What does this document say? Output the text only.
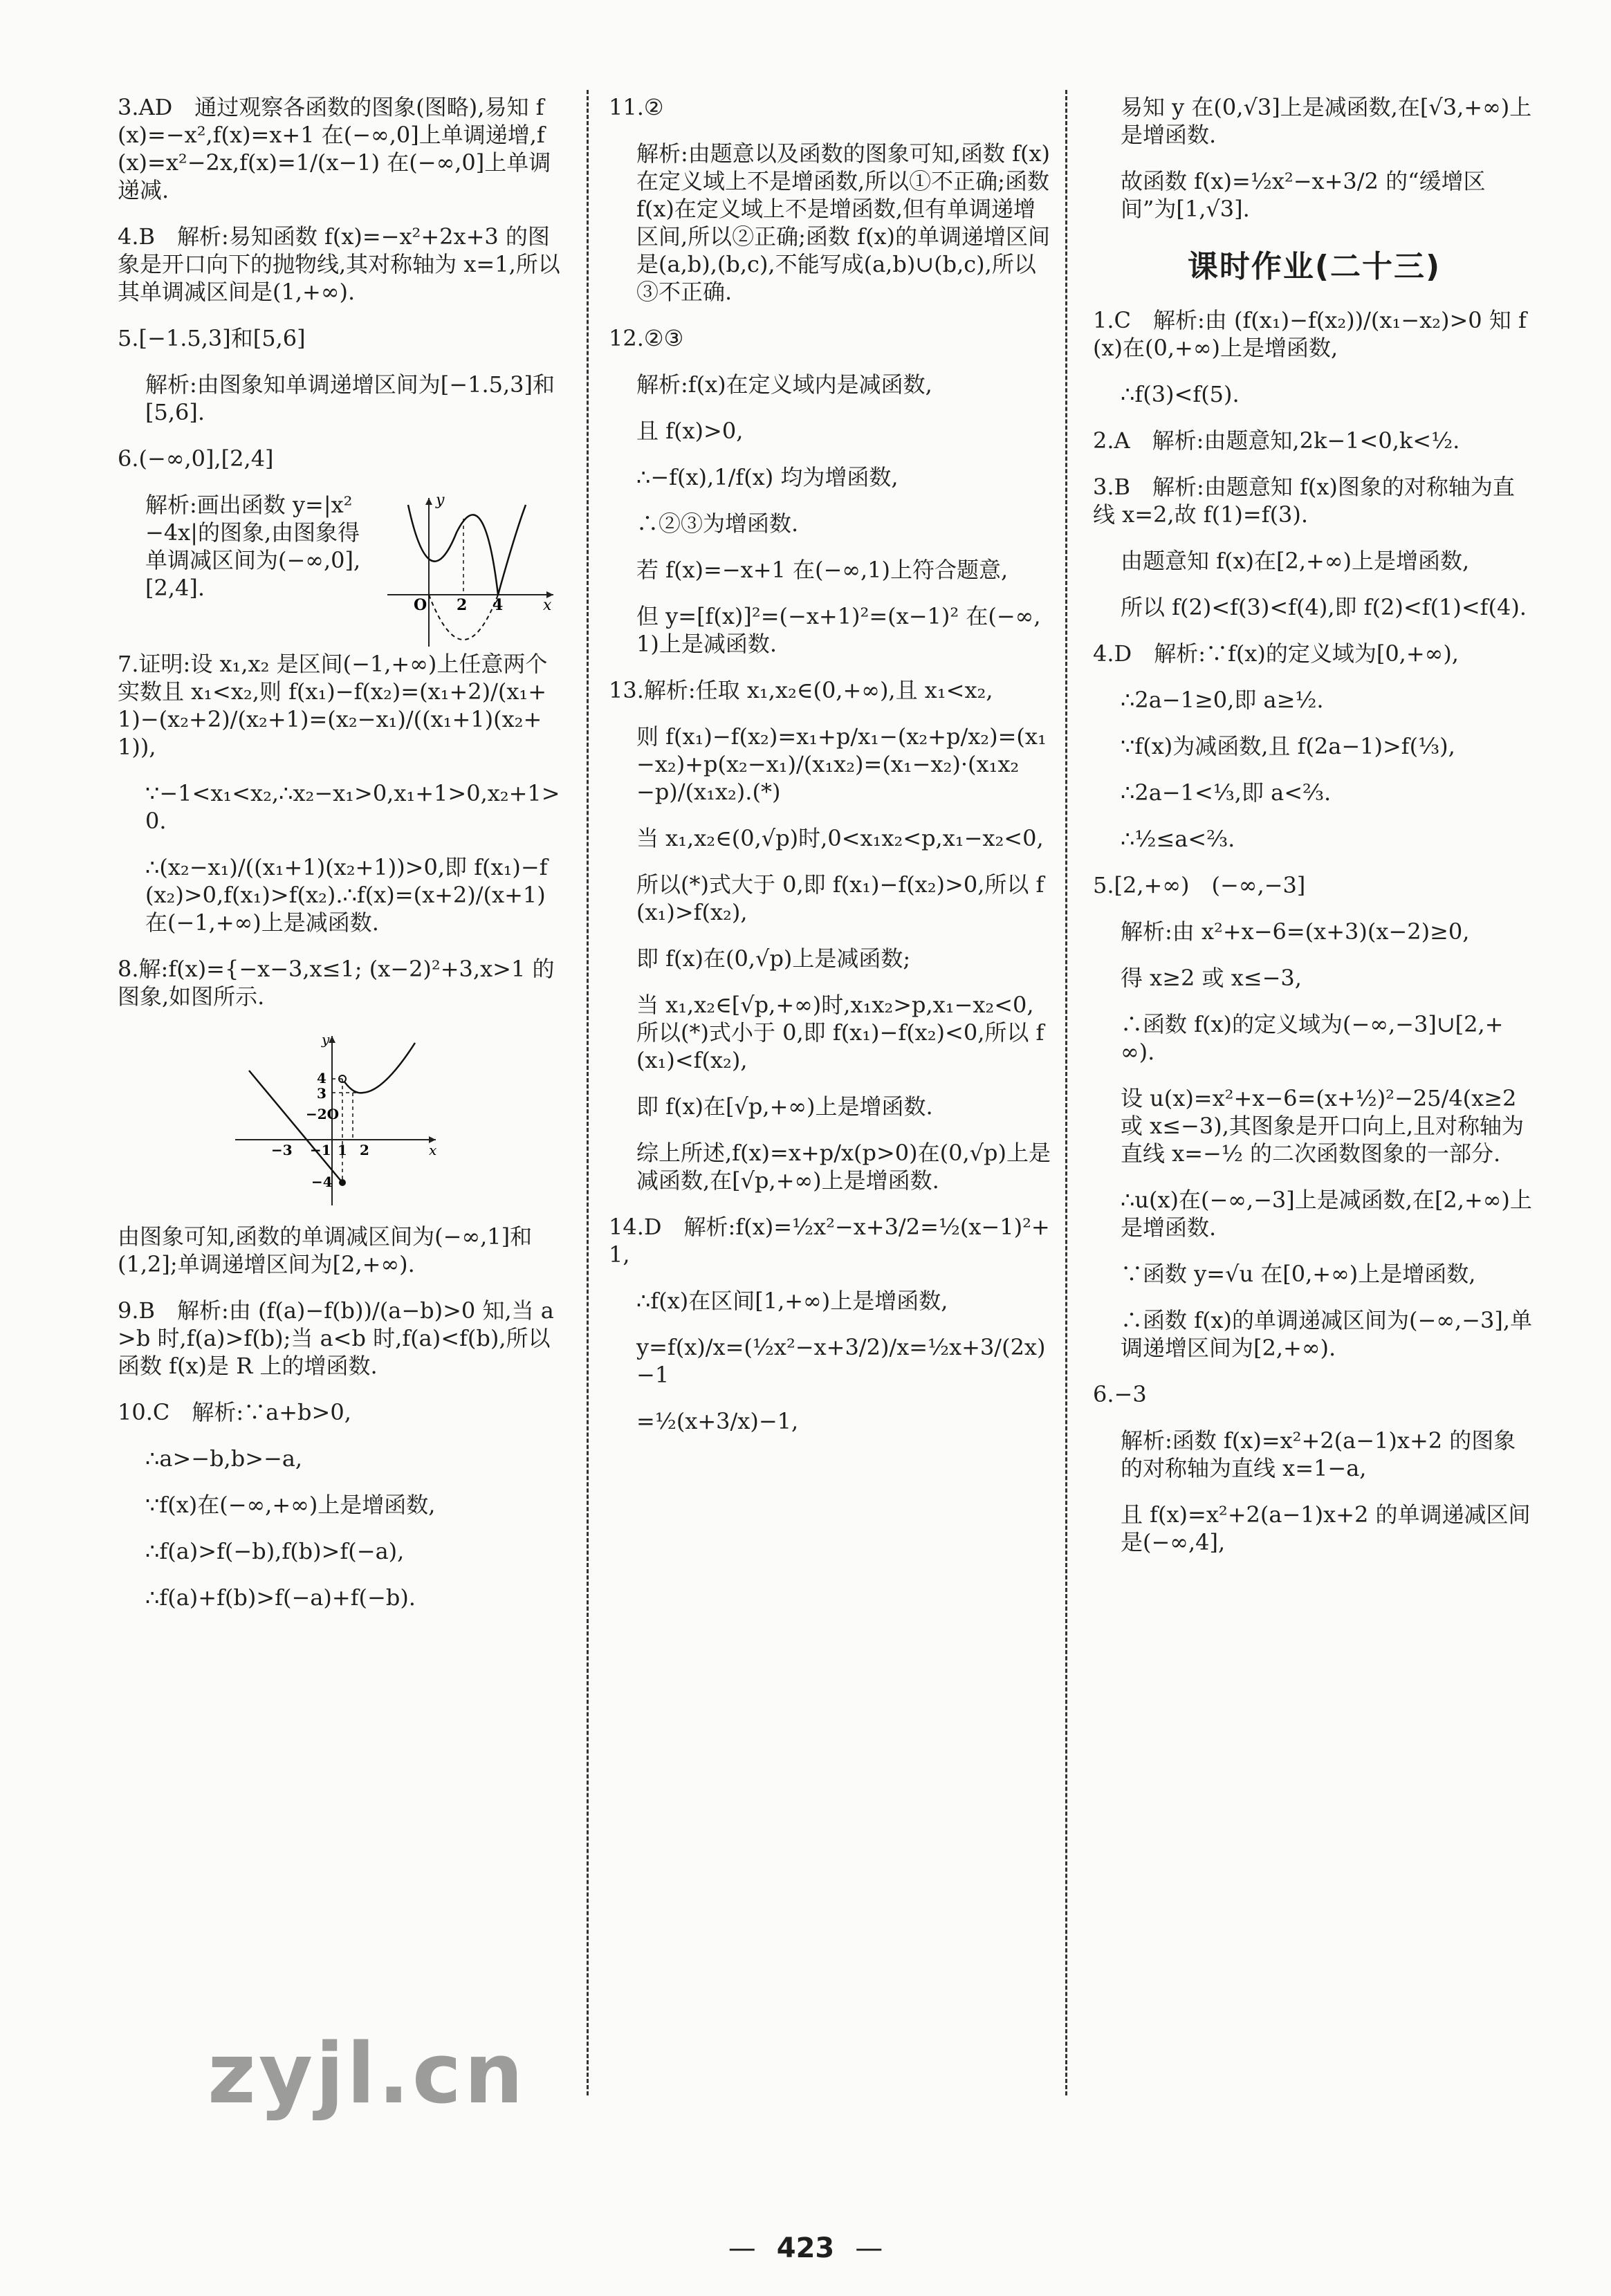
3.AD　通过观察各函数的图象(图略),易知 f(x)=−x²,f(x)=x+1 在(−∞,0]上单调递增,f(x)=x²−2x,f(x)=1/(x−1) 在(−∞,0]上单调递减.
4.B　解析:易知函数 f(x)=−x²+2x+3 的图象是开口向下的抛物线,其对称轴为 x=1,所以其单调减区间是(1,+∞).
5.[−1.5,3]和[5,6]
解析:由图象知单调递增区间为[−1.5,3]和[5,6].
6.(−∞,0],[2,4]
解析:画出函数 y=|x²−4x|的图象,由图象得单调减区间为(−∞,0],[2,4].
y
O 2 4	x
7.证明:设 x₁,x₂ 是区间(−1,+∞)上任意两个实数且 x₁<x₂,则 f(x₁)−f(x₂)=(x₁+2)/(x₁+1)−(x₂+2)/(x₂+1)=(x₂−x₁)/((x₁+1)(x₂+1)),
∵−1<x₁<x₂,∴x₂−x₁>0,x₁+1>0,x₂+1>0.
∴(x₂−x₁)/((x₁+1)(x₂+1))>0,即 f(x₁)−f(x₂)>0,f(x₁)>f(x₂).∴f(x)=(x+2)/(x+1) 在(−1,+∞)上是减函数.
8.解:f(x)={−x−3,x≤1; (x−2)²+3,x>1 的图象,如图所示.
y
4
3
−2O
−3 −1 1 2	x
−4
由图象可知,函数的单调减区间为(−∞,1]和(1,2];单调递增区间为[2,+∞).
9.B　解析:由 (f(a)−f(b))/(a−b)>0 知,当 a>b 时,f(a)>f(b);当 a<b 时,f(a)<f(b),所以函数 f(x)是 R 上的增函数.
10.C　解析:∵a+b>0,
∴a>−b,b>−a,
∵f(x)在(−∞,+∞)上是增函数,
∴f(a)>f(−b),f(b)>f(−a),
∴f(a)+f(b)>f(−a)+f(−b).
11.②
解析:由题意以及函数的图象可知,函数 f(x)在定义域上不是增函数,所以①不正确;函数 f(x)在定义域上不是增函数,但有单调递增区间,所以②正确;函数 f(x)的单调递增区间是(a,b),(b,c),不能写成(a,b)∪(b,c),所以③不正确.
12.②③
解析:f(x)在定义域内是减函数,
且 f(x)>0,
∴−f(x),1/f(x) 均为增函数,
∴②③为增函数.
若 f(x)=−x+1 在(−∞,1)上符合题意,
但 y=[f(x)]²=(−x+1)²=(x−1)² 在(−∞,1)上是减函数.
13.解析:任取 x₁,x₂∈(0,+∞),且 x₁<x₂,
则 f(x₁)−f(x₂)=x₁+p/x₁−(x₂+p/x₂)=(x₁−x₂)+p(x₂−x₁)/(x₁x₂)=(x₁−x₂)·(x₁x₂−p)/(x₁x₂).(*)
当 x₁,x₂∈(0,√p)时,0<x₁x₂<p,x₁−x₂<0,
所以(*)式大于 0,即 f(x₁)−f(x₂)>0,所以 f(x₁)>f(x₂),
即 f(x)在(0,√p)上是减函数;
当 x₁,x₂∈[√p,+∞)时,x₁x₂>p,x₁−x₂<0,所以(*)式小于 0,即 f(x₁)−f(x₂)<0,所以 f(x₁)<f(x₂),
即 f(x)在[√p,+∞)上是增函数.
综上所述,f(x)=x+p/x(p>0)在(0,√p)上是减函数,在[√p,+∞)上是增函数.
14.D　解析:f(x)=½x²−x+3/2=½(x−1)²+1,
∴f(x)在区间[1,+∞)上是增函数,
y=f(x)/x=(½x²−x+3/2)/x=½x+3/(2x)−1
=½(x+3/x)−1,
易知 y 在(0,√3]上是减函数,在[√3,+∞)上是增函数.
故函数 f(x)=½x²−x+3/2 的“缓增区间”为[1,√3].
课时作业(二十三)
1.C　解析:由 (f(x₁)−f(x₂))/(x₁−x₂)>0 知 f(x)在(0,+∞)上是增函数,
∴f(3)<f(5).
2.A　解析:由题意知,2k−1<0,k<½.
3.B　解析:由题意知 f(x)图象的对称轴为直线 x=2,故 f(1)=f(3).
由题意知 f(x)在[2,+∞)上是增函数,
所以 f(2)<f(3)<f(4),即 f(2)<f(1)<f(4).
4.D　解析:∵f(x)的定义域为[0,+∞),
∴2a−1≥0,即 a≥½.
∵f(x)为减函数,且 f(2a−1)>f(⅓),
∴2a−1<⅓,即 a<⅔.
∴½≤a<⅔.
5.[2,+∞)　(−∞,−3]
解析:由 x²+x−6=(x+3)(x−2)≥0,
得 x≥2 或 x≤−3,
∴函数 f(x)的定义域为(−∞,−3]∪[2,+∞).
设 u(x)=x²+x−6=(x+½)²−25/4(x≥2 或 x≤−3),其图象是开口向上,且对称轴为直线 x=−½ 的二次函数图象的一部分.
∴u(x)在(−∞,−3]上是减函数,在[2,+∞)上是增函数.
∵函数 y=√u 在[0,+∞)上是增函数,
∴函数 f(x)的单调递减区间为(−∞,−3],单调递增区间为[2,+∞).
6.−3
解析:函数 f(x)=x²+2(a−1)x+2 的图象的对称轴为直线 x=1−a,
且 f(x)=x²+2(a−1)x+2 的单调递减区间是(−∞,4],
zyjl.cn
— 423 —
